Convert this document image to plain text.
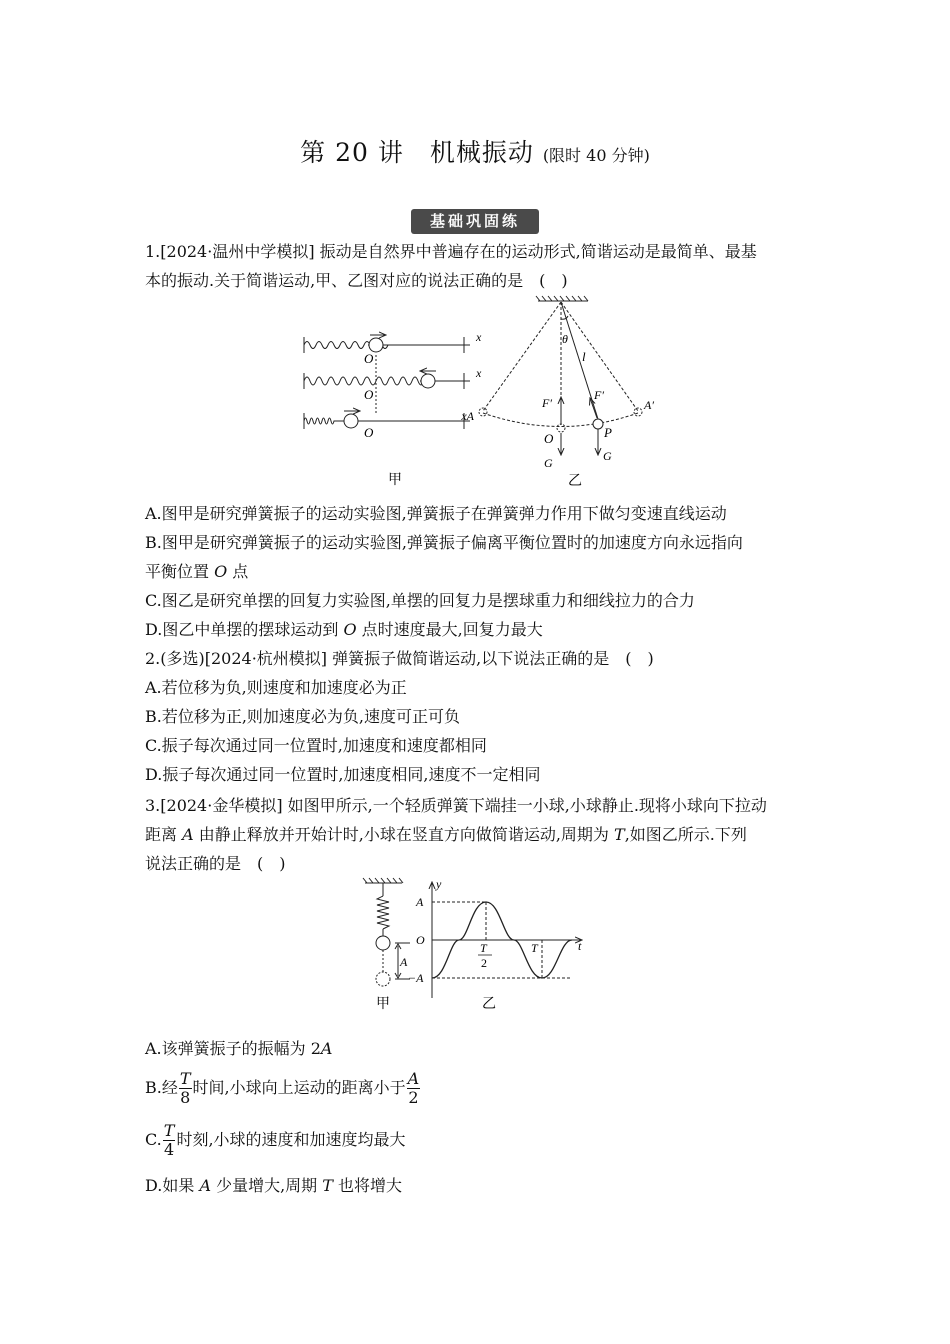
第 20 讲　机械振动 (限时 40 分钟)
基础巩固练
1.[2024·温州中学模拟] 振动是自然界中普遍存在的运动形式,简谐运动是最简单、最基
本的振动.关于简谐运动,甲、乙图对应的说法正确的是　(　)
O
x
O
x
O
甲
θ
l
F′
F′
A′
xA
O	P
G	G
乙
A.图甲是研究弹簧振子的运动实验图,弹簧振子在弹簧弹力作用下做匀变速直线运动
B.图甲是研究弹簧振子的运动实验图,弹簧振子偏离平衡位置时的加速度方向永远指向
平衡位置 O 点
C.图乙是研究单摆的回复力实验图,单摆的回复力是摆球重力和细线拉力的合力
D.图乙中单摆的摆球运动到 O 点时速度最大,回复力最大
2.(多选)[2024·杭州模拟] 弹簧振子做简谐运动,以下说法正确的是　(　)
A.若位移为负,则速度和加速度必为正
B.若位移为正,则加速度必为负,速度可正可负
C.振子每次通过同一位置时,加速度和速度都相同
D.振子每次通过同一位置时,加速度相同,速度不一定相同
3.[2024·金华模拟] 如图甲所示,一个轻质弹簧下端挂一小球,小球静止.现将小球向下拉动
距离 A 由静止释放并开始计时,小球在竖直方向做简谐运动,周期为 T,如图乙所示.下列
说法正确的是　(　)
A
甲
y
t
A
O
−A
T
2
T
乙
A.该弹簧振子的振幅为 2A
B.经 $\frac{T}{8}$ 时间,小球向上运动的距离小于 $\frac{A}{2}$
C. $\frac{T}{4}$ 时刻,小球的速度和加速度均最大
D.如果 A 少量增大,周期 T 也将增大
